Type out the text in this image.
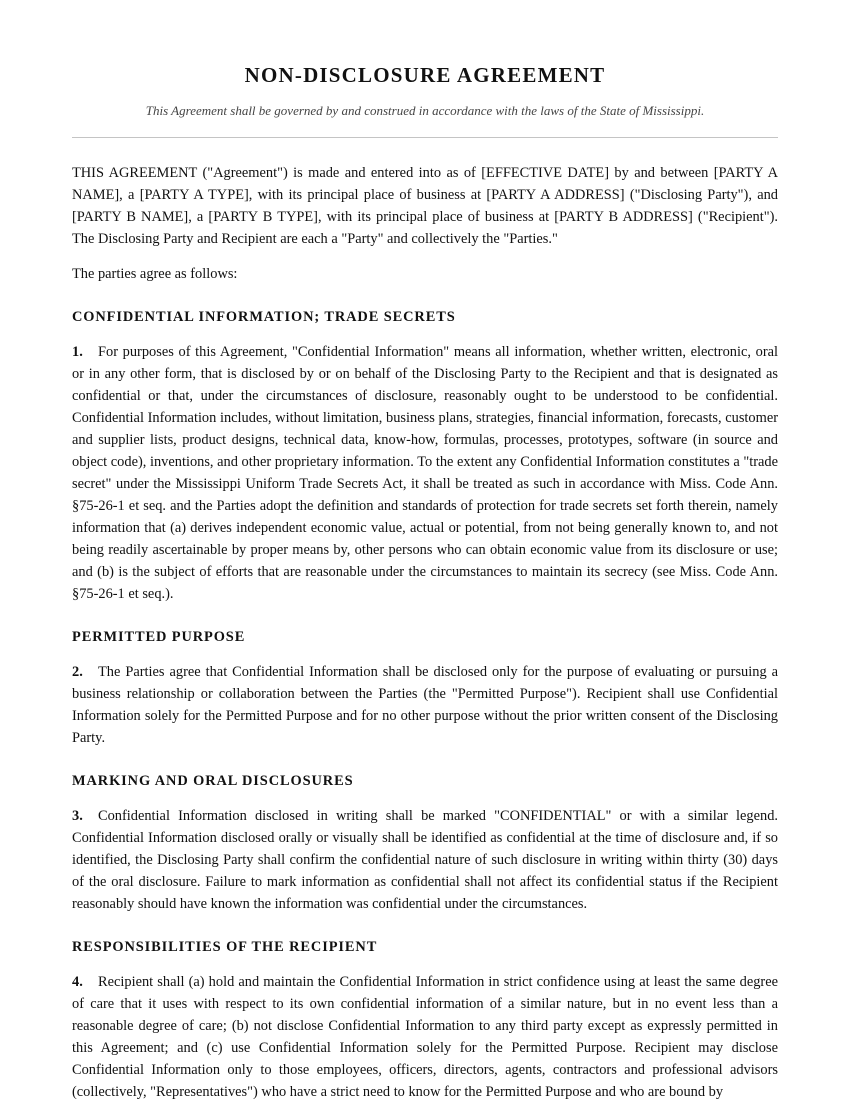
NON-DISCLOSURE AGREEMENT

This Agreement shall be governed by and construed in accordance with the laws of the State of Mississippi.

THIS AGREEMENT ("Agreement") is made and entered into as of [EFFECTIVE DATE] by and between [PARTY A NAME], a [PARTY A TYPE], with its principal place of business at [PARTY A ADDRESS] ("Disclosing Party"), and [PARTY B NAME], a [PARTY B TYPE], with its principal place of business at [PARTY B ADDRESS] ("Recipient"). The Disclosing Party and Recipient are each a "Party" and collectively the "Parties."

The parties agree as follows:

CONFIDENTIAL INFORMATION; TRADE SECRETS

1. For purposes of this Agreement, "Confidential Information" means all information, whether written, electronic, oral or in any other form, that is disclosed by or on behalf of the Disclosing Party to the Recipient and that is designated as confidential or that, under the circumstances of disclosure, reasonably ought to be understood to be confidential. Confidential Information includes, without limitation, business plans, strategies, financial information, forecasts, customer and supplier lists, product designs, technical data, know-how, formulas, processes, prototypes, software (in source and object code), inventions, and other proprietary information. To the extent any Confidential Information constitutes a "trade secret" under the Mississippi Uniform Trade Secrets Act, it shall be treated as such in accordance with Miss. Code Ann. §75-26-1 et seq. and the Parties adopt the definition and standards of protection for trade secrets set forth therein, namely information that (a) derives independent economic value, actual or potential, from not being generally known to, and not being readily ascertainable by proper means by, other persons who can obtain economic value from its disclosure or use; and (b) is the subject of efforts that are reasonable under the circumstances to maintain its secrecy (see Miss. Code Ann. §75-26-1 et seq.).

PERMITTED PURPOSE

2. The Parties agree that Confidential Information shall be disclosed only for the purpose of evaluating or pursuing a business relationship or collaboration between the Parties (the "Permitted Purpose"). Recipient shall use Confidential Information solely for the Permitted Purpose and for no other purpose without the prior written consent of the Disclosing Party.

MARKING AND ORAL DISCLOSURES

3. Confidential Information disclosed in writing shall be marked "CONFIDENTIAL" or with a similar legend. Confidential Information disclosed orally or visually shall be identified as confidential at the time of disclosure and, if so identified, the Disclosing Party shall confirm the confidential nature of such disclosure in writing within thirty (30) days of the oral disclosure. Failure to mark information as confidential shall not affect its confidential status if the Recipient reasonably should have known the information was confidential under the circumstances.

RESPONSIBILITIES OF THE RECIPIENT

4. Recipient shall (a) hold and maintain the Confidential Information in strict confidence using at least the same degree of care that it uses with respect to its own confidential information of a similar nature, but in no event less than a reasonable degree of care; (b) not disclose Confidential Information to any third party except as expressly permitted in this Agreement; and (c) use Confidential Information solely for the Permitted Purpose. Recipient may disclose Confidential Information only to those employees, officers, directors, agents, contractors and professional advisors (collectively, "Representatives") who have a strict need to know for the Permitted Purpose and who are bound by
